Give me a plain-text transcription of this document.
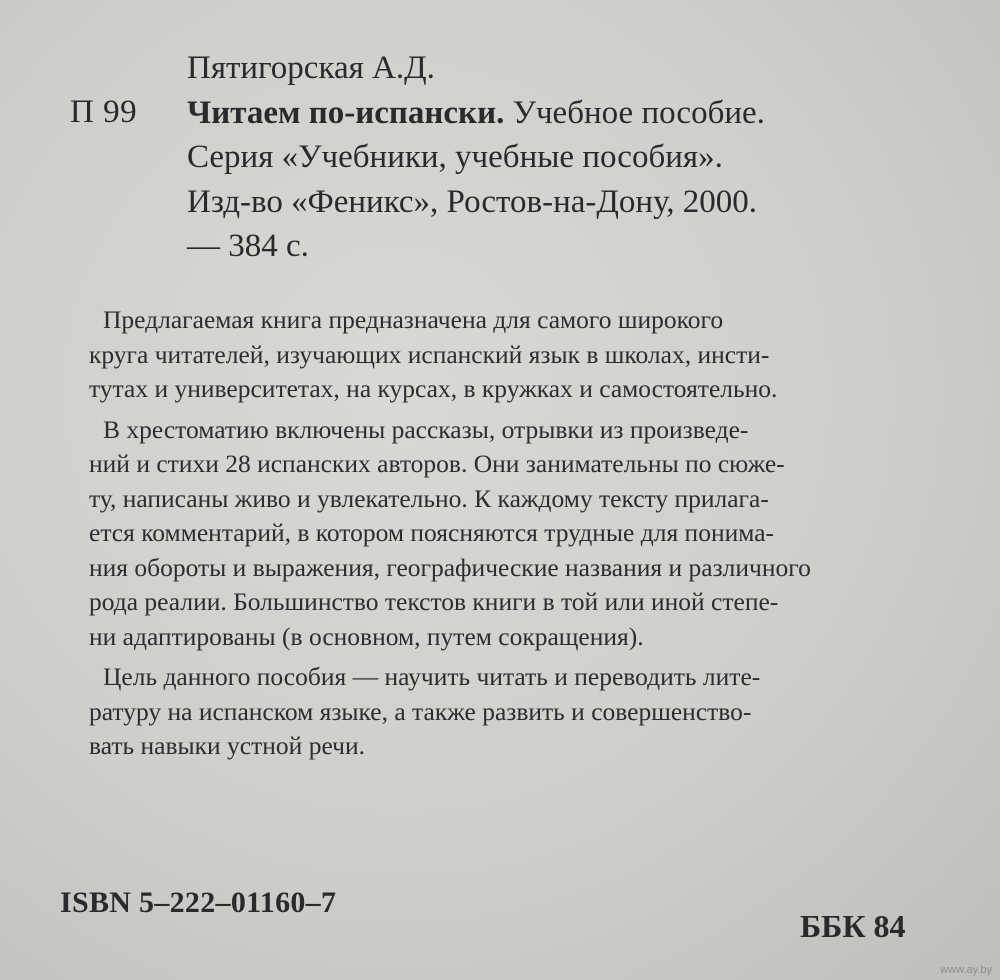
П 99
Пятигорская А.Д.
Читаем по-испански. Учебное пособие.
Серия «Учебники, учебные пособия».
Изд-во «Феникс», Ростов-на-Дону, 2000.
— 384 с.
Предлагаемая книга предназначена для самого широкого
круга читателей, изучающих испанский язык в школах, инсти-
тутах и университетах, на курсах, в кружках и самостоятельно.
В хрестоматию включены рассказы, отрывки из произведе-
ний и стихи 28 испанских авторов. Они занимательны по сюже-
ту, написаны живо и увлекательно. К каждому тексту прилага-
ется комментарий, в котором поясняются трудные для понима-
ния обороты и выражения, географические названия и различного
рода реалии. Большинство текстов книги в той или иной степе-
ни адаптированы (в основном, путем сокращения).
Цель данного пособия — научить читать и переводить лите-
ратуру на испанском языке, а также развить и совершенство-
вать навыки устной речи.
ISBN 5–222–01160–7
ББК 84
www.ay.by
